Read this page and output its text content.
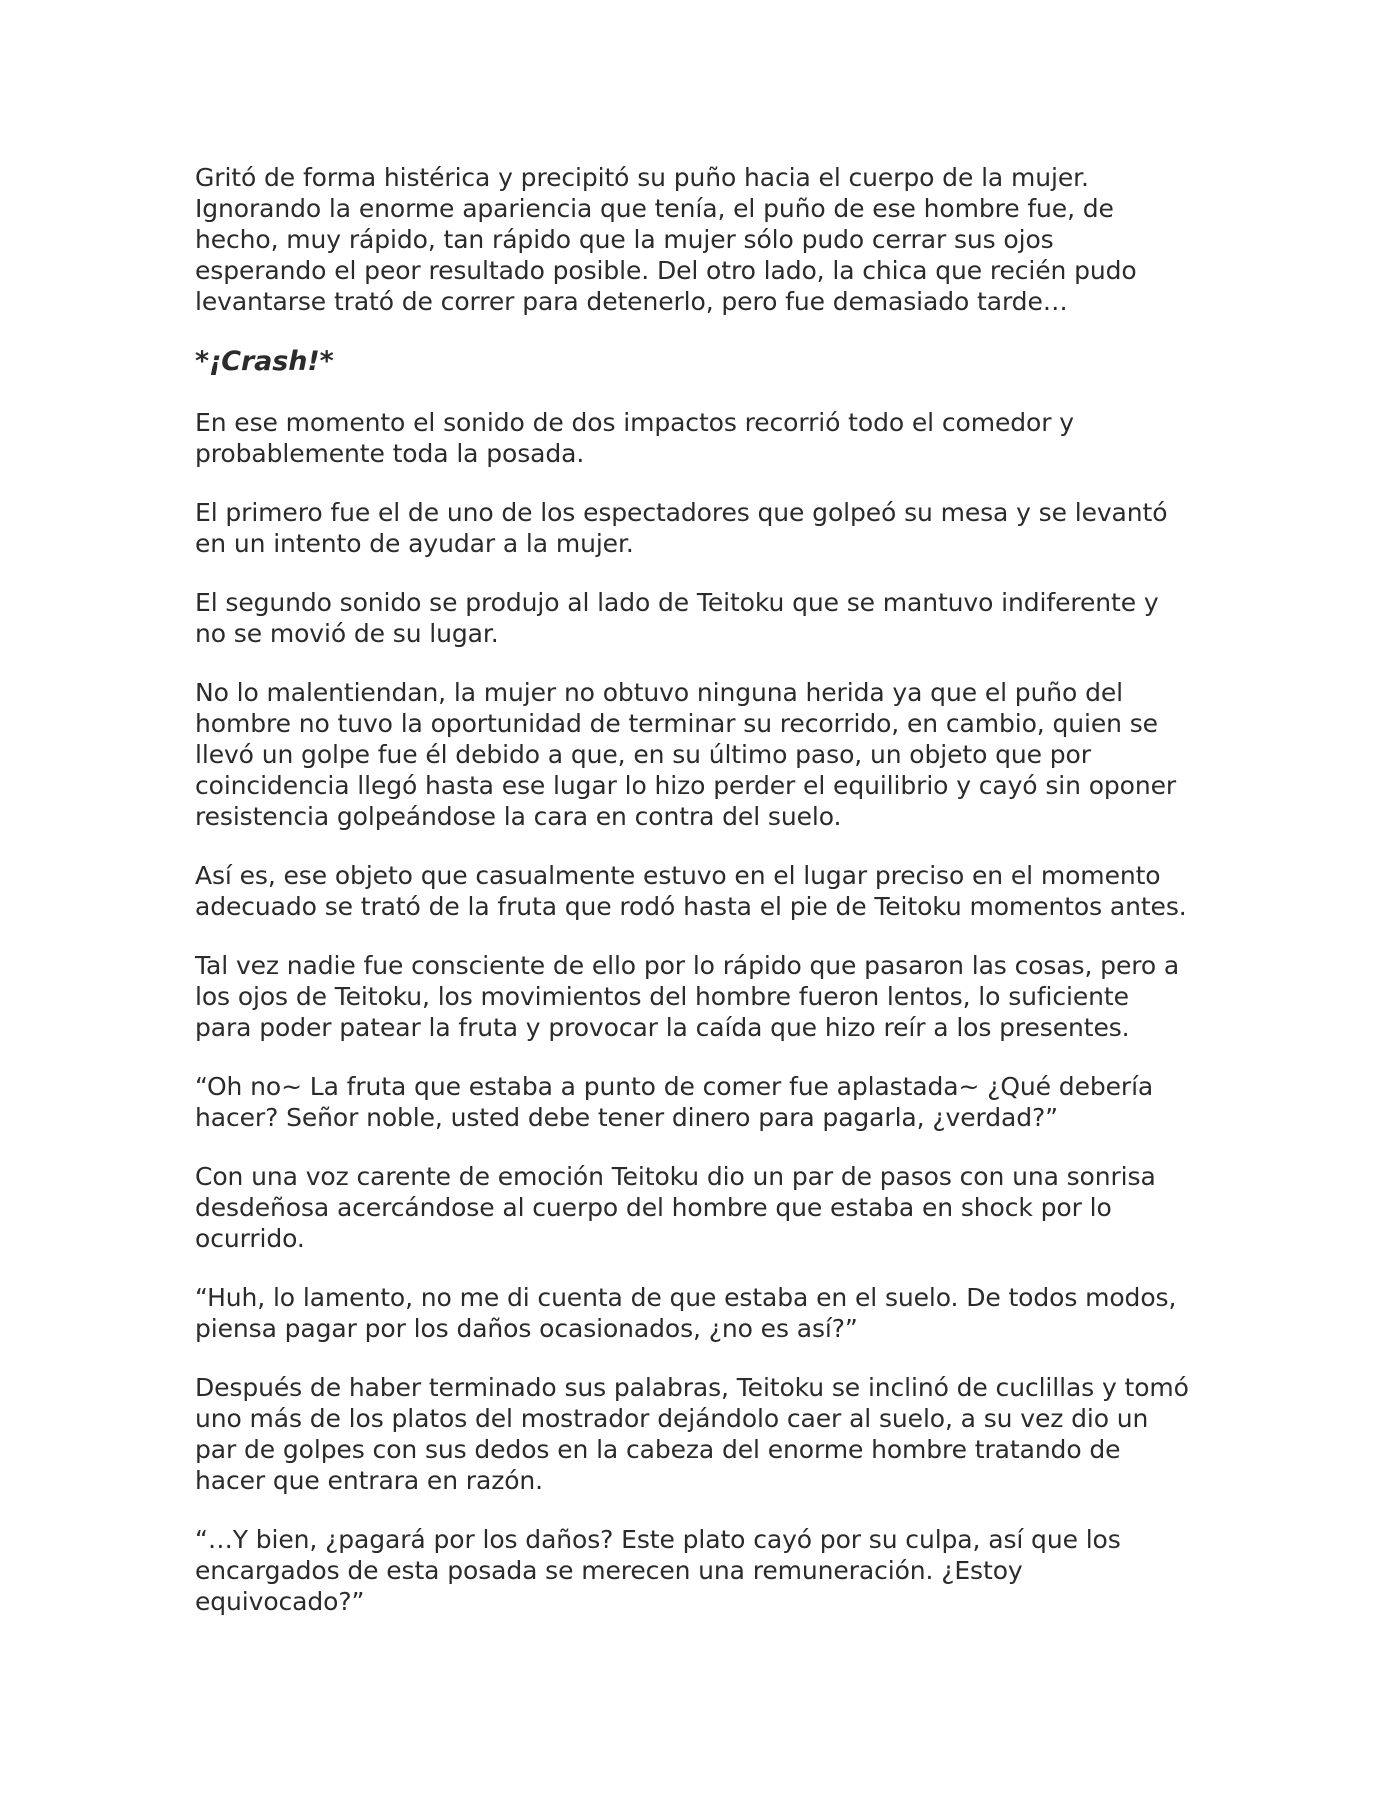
Gritó de forma histérica y precipitó su puño hacia el cuerpo de la mujer.
Ignorando la enorme apariencia que tenía, el puño de ese hombre fue, de
hecho, muy rápido, tan rápido que la mujer sólo pudo cerrar sus ojos
esperando el peor resultado posible. Del otro lado, la chica que recién pudo
levantarse trató de correr para detenerlo, pero fue demasiado tarde…

*¡Crash!*

En ese momento el sonido de dos impactos recorrió todo el comedor y
probablemente toda la posada.

El primero fue el de uno de los espectadores que golpeó su mesa y se levantó
en un intento de ayudar a la mujer.

El segundo sonido se produjo al lado de Teitoku que se mantuvo indiferente y
no se movió de su lugar.

No lo malentiendan, la mujer no obtuvo ninguna herida ya que el puño del
hombre no tuvo la oportunidad de terminar su recorrido, en cambio, quien se
llevó un golpe fue él debido a que, en su último paso, un objeto que por
coincidencia llegó hasta ese lugar lo hizo perder el equilibrio y cayó sin oponer
resistencia golpeándose la cara en contra del suelo.

Así es, ese objeto que casualmente estuvo en el lugar preciso en el momento
adecuado se trató de la fruta que rodó hasta el pie de Teitoku momentos antes.

Tal vez nadie fue consciente de ello por lo rápido que pasaron las cosas, pero a
los ojos de Teitoku, los movimientos del hombre fueron lentos, lo suficiente
para poder patear la fruta y provocar la caída que hizo reír a los presentes.

“Oh no~ La fruta que estaba a punto de comer fue aplastada~ ¿Qué debería
hacer? Señor noble, usted debe tener dinero para pagarla, ¿verdad?”

Con una voz carente de emoción Teitoku dio un par de pasos con una sonrisa
desdeñosa acercándose al cuerpo del hombre que estaba en shock por lo
ocurrido.

“Huh, lo lamento, no me di cuenta de que estaba en el suelo. De todos modos,
piensa pagar por los daños ocasionados, ¿no es así?”

Después de haber terminado sus palabras, Teitoku se inclinó de cuclillas y tomó
uno más de los platos del mostrador dejándolo caer al suelo, a su vez dio un
par de golpes con sus dedos en la cabeza del enorme hombre tratando de
hacer que entrara en razón.

“…Y bien, ¿pagará por los daños? Este plato cayó por su culpa, así que los
encargados de esta posada se merecen una remuneración. ¿Estoy
equivocado?”
